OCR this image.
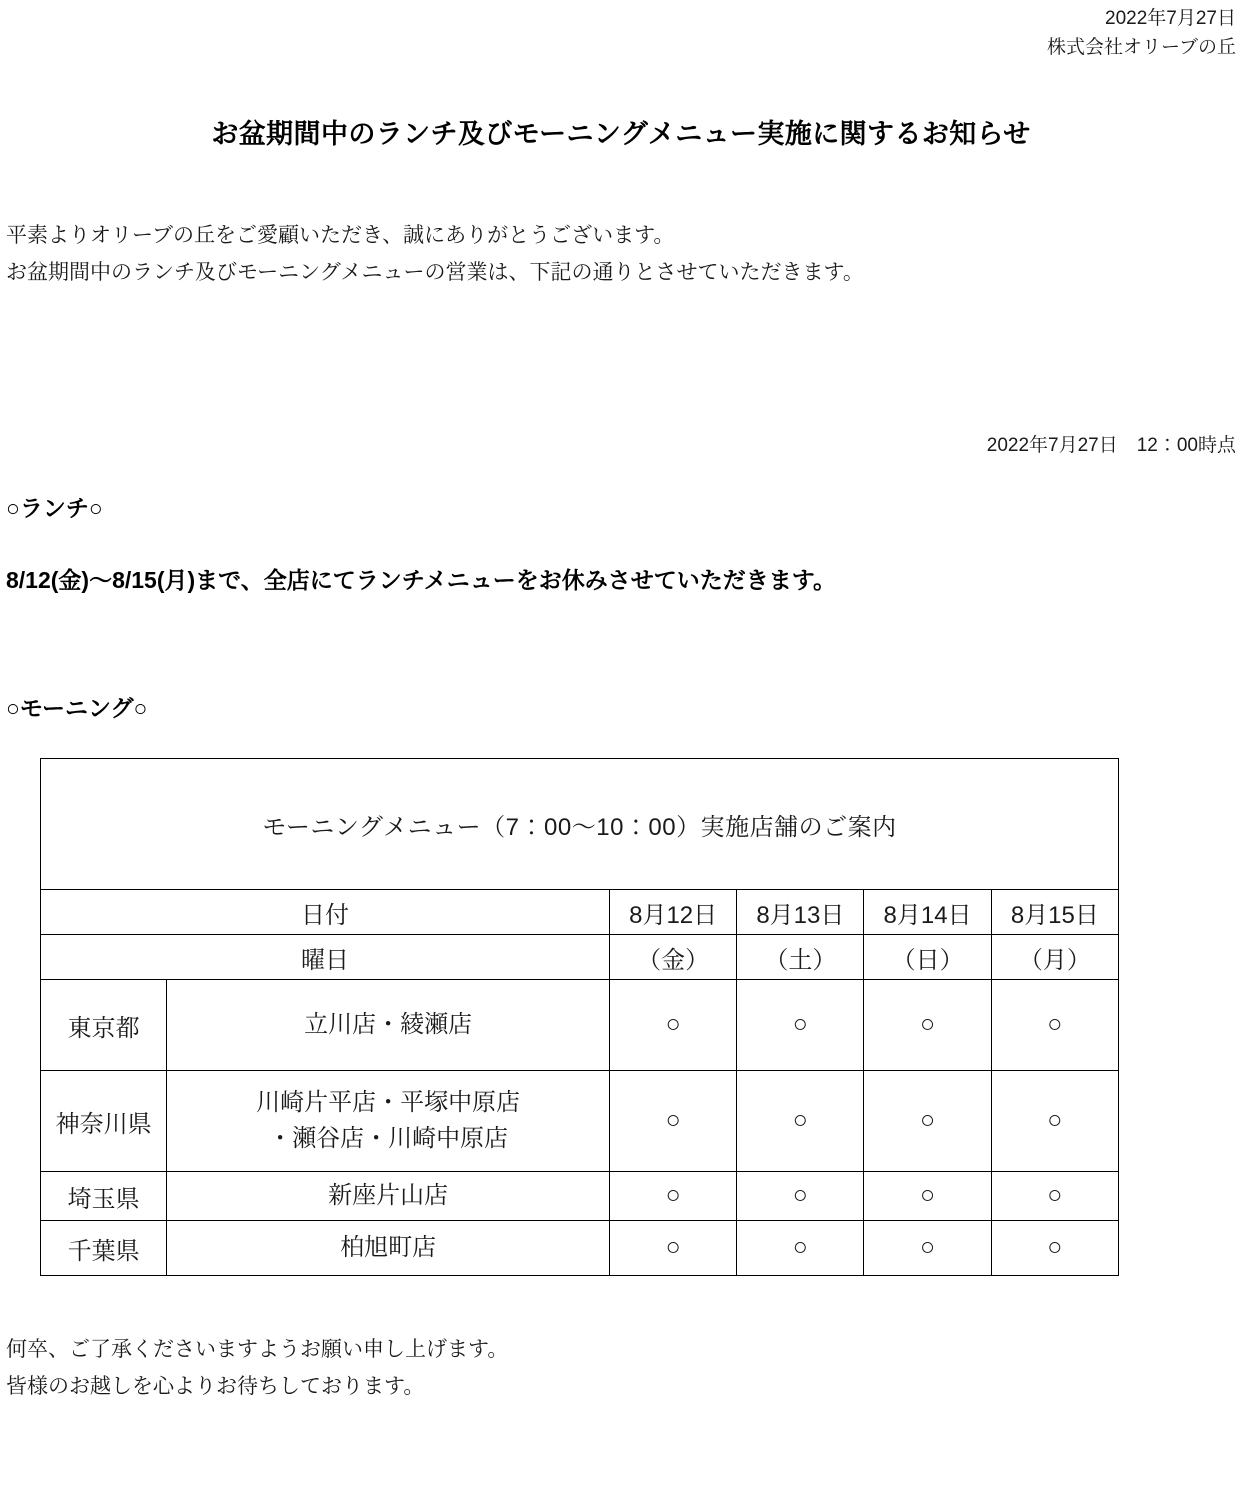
2022年7月27日
株式会社オリーブの丘
お盆期間中のランチ及びモーニングメニュー実施に関するお知らせ

平素よりオリーブの丘をご愛顧いただき、誠にありがとうございます。

お盆期間中のランチ及びモーニングメニューの営業は、下記の通りとさせていただきます。

2022年7月27日　12：00時点
○ランチ○
8/12(金)〜8/15(月)まで、全店にてランチメニューをお休みさせていただきます。
○モーニング○
モーニングメニュー（7：00〜10：00）実施店舗のご案内					
日付		8月12日	8月13日	8月14日	8月15日
曜日		（金）	（土）	（日）	（月）
東京都	立川店・綾瀬店	○	○	○	○
神奈川県	川崎片平店・平塚中原店
・瀬谷店・川崎中原店	○	○	○	○
埼玉県	新座片山店	○	○	○	○
千葉県	柏旭町店	○	○	○	○

何卒、ご了承くださいますようお願い申し上げます。

皆様のお越しを心よりお待ちしております。
